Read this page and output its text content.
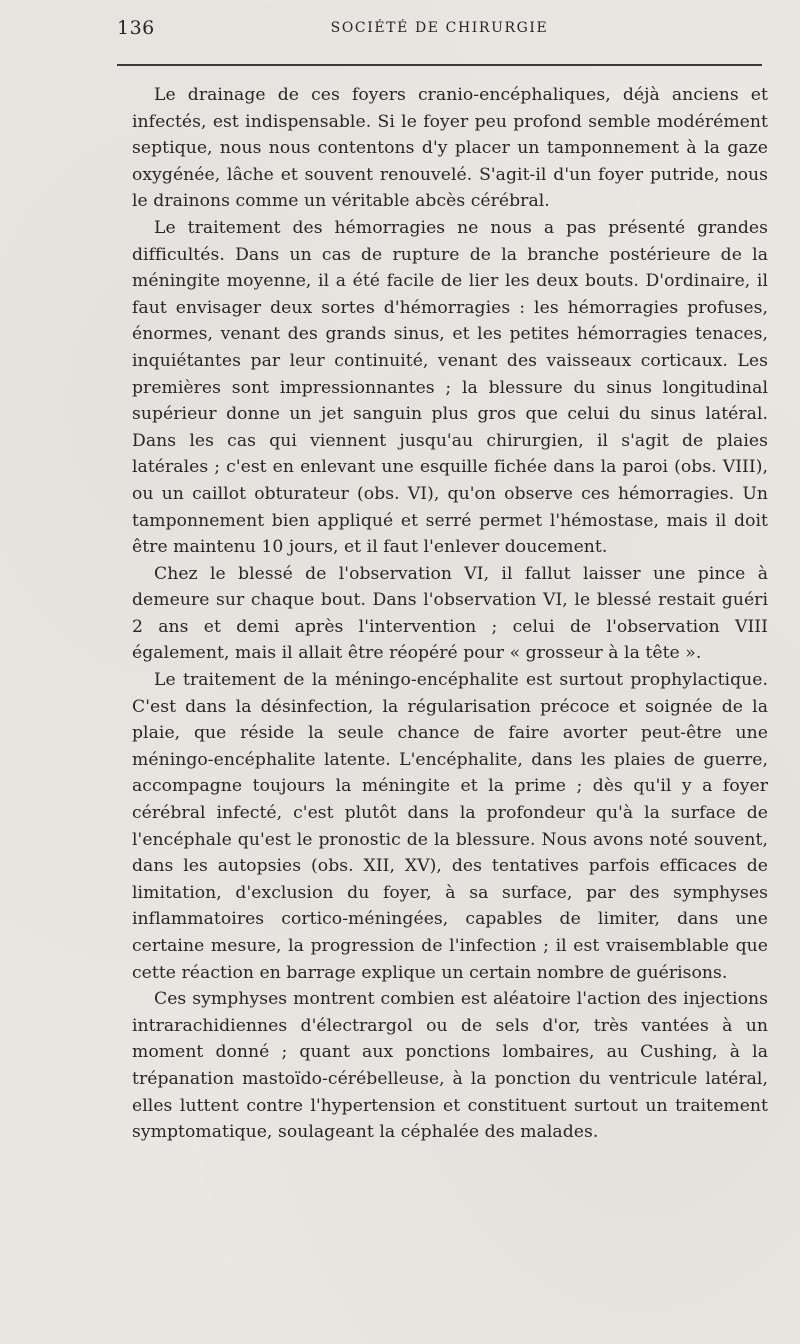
136	SOCIÉTÉ DE CHIRURGIE

Le drainage de ces foyers cranio-encéphaliques, déjà anciens et infectés, est indispensable. Si le foyer peu profond semble modérément septique, nous nous contentons d'y placer un tamponnement à la gaze oxygénée, lâche et souvent renouvelé. S'agit-il d'un foyer putride, nous le drainons comme un véritable abcès cérébral.

Le traitement des hémorragies ne nous a pas présenté grandes difficultés. Dans un cas de rupture de la branche postérieure de la méningite moyenne, il a été facile de lier les deux bouts. D'ordinaire, il faut envisager deux sortes d'hémorragies : les hémorragies profuses, énormes, venant des grands sinus, et les petites hémorragies tenaces, inquiétantes par leur continuité, venant des vaisseaux corticaux. Les premières sont impressionnantes ; la blessure du sinus longitudinal supérieur donne un jet sanguin plus gros que celui du sinus latéral. Dans les cas qui viennent jusqu'au chirurgien, il s'agit de plaies latérales ; c'est en enlevant une esquille fichée dans la paroi (obs. VIII), ou un caillot obturateur (obs. VI), qu'on observe ces hémorragies. Un tamponnement bien appliqué et serré permet l'hémostase, mais il doit être maintenu 10 jours, et il faut l'enlever doucement.

Chez le blessé de l'observation VI, il fallut laisser une pince à demeure sur chaque bout. Dans l'observation VI, le blessé restait guéri 2 ans et demi après l'intervention ; celui de l'observation VIII également, mais il allait être réopéré pour « grosseur à la tête ».

Le traitement de la méningo-encéphalite est surtout prophylactique. C'est dans la désinfection, la régularisation précoce et soignée de la plaie, que réside la seule chance de faire avorter peut-être une méningo-encéphalite latente. L'encéphalite, dans les plaies de guerre, accompagne toujours la méningite et la prime ; dès qu'il y a foyer cérébral infecté, c'est plutôt dans la profondeur qu'à la surface de l'encéphale qu'est le pronostic de la blessure. Nous avons noté souvent, dans les autopsies (obs. XII, XV), des tentatives parfois efficaces de limitation, d'exclusion du foyer, à sa surface, par des symphyses inflammatoires cortico-méningées, capables de limiter, dans une certaine mesure, la progression de l'infection ; il est vraisemblable que cette réaction en barrage explique un certain nombre de guérisons.

Ces symphyses montrent combien est aléatoire l'action des injections intrarachidiennes d'électrargol ou de sels d'or, très vantées à un moment donné ; quant aux ponctions lombaires, au Cushing, à la trépanation mastoïdo-cérébelleuse, à la ponction du ventricule latéral, elles luttent contre l'hypertension et constituent surtout un traitement symptomatique, soulageant la céphalée des malades.
